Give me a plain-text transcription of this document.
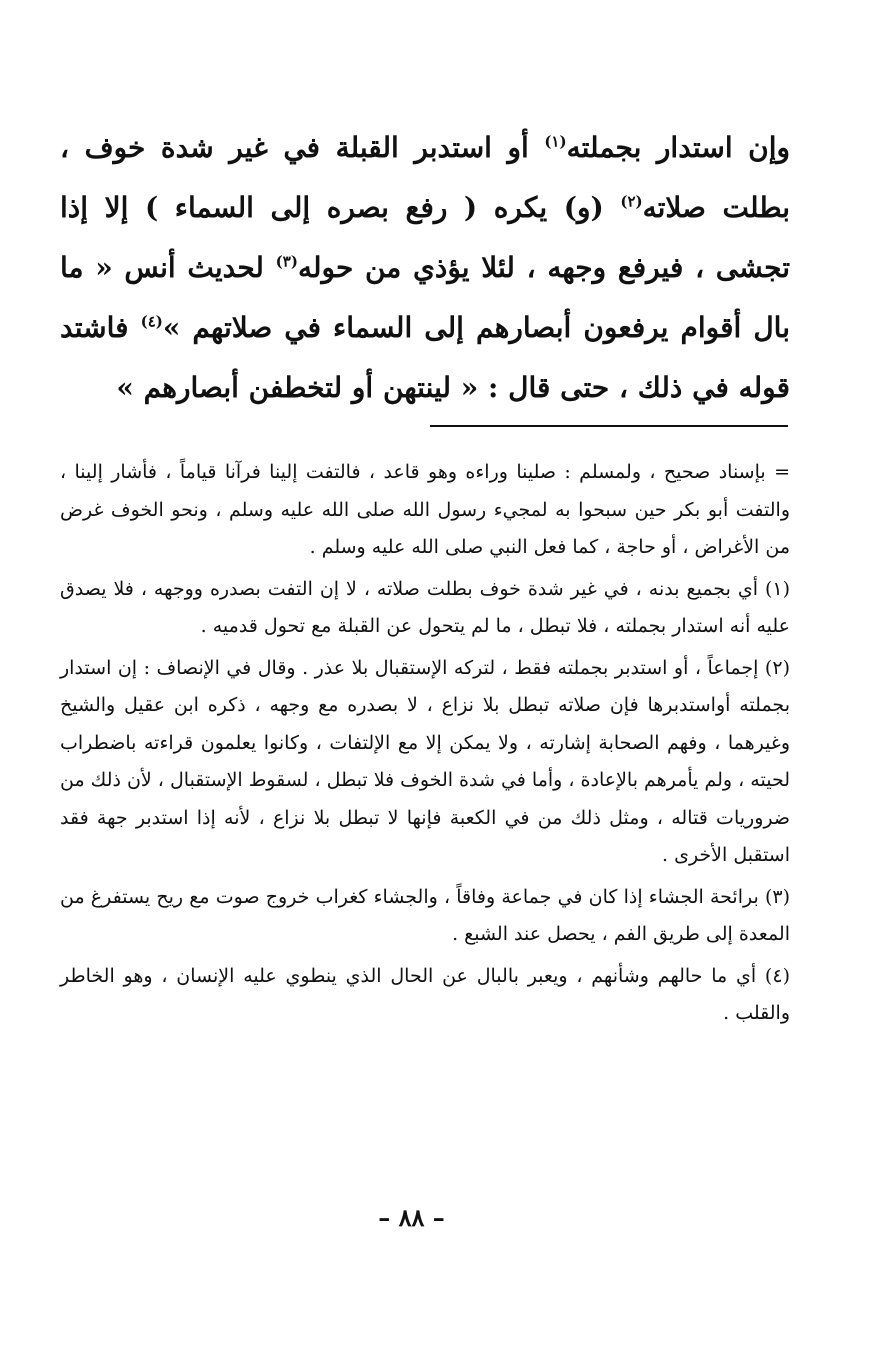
وإن استدار بجملته$^{(١)}$ أو استدبر القبلة في غير شدة خوف ، بطلت صلاته$^{(٢)}$ (و) يكره ( رفع بصره إلى السماء ) إلا إذا تجشى ، فيرفع وجهه ، لئلا يؤذي من حوله$^{(٣)}$ لحديث أنس « ما بال أقوام يرفعون أبصارهم إلى السماء في صلاتهم »$^{(٤)}$ فاشتد قوله في ذلك ، حتى قال : « لينتهن أو لتخطفن أبصارهم »

= بإسناد صحيح ، ولمسلم : صلينا وراءه وهو قاعد ، فالتفت إلينا فرآنا قياماً ، فأشار إلينا ، والتفت أبو بكر حين سبحوا به لمجيء رسول الله صلى الله عليه وسلم ، ونحو الخوف غرض من الأغراض ، أو حاجة ، كما فعل النبي صلى الله عليه وسلم .

(١) أي بجميع بدنه ، في غير شدة خوف بطلت صلاته ، لا إن التفت بصدره ووجهه ، فلا يصدق عليه أنه استدار بجملته ، فلا تبطل ، ما لم يتحول عن القبلة مع تحول قدميه .

(٢) إجماعاً ، أو استدبر بجملته فقط ، لتركه الإستقبال بلا عذر . وقال في الإنصاف : إن استدار بجملته أواستدبرها فإن صلاته تبطل بلا نزاع ، لا بصدره مع وجهه ، ذكره ابن عقيل والشيخ وغيرهما ، وفهم الصحابة إشارته ، ولا يمكن إلا مع الإلتفات ، وكانوا يعلمون قراءته باضطراب لحيته ، ولم يأمرهم بالإعادة ، وأما في شدة الخوف فلا تبطل ، لسقوط الإستقبال ، لأن ذلك من ضروريات قتاله ، ومثل ذلك من في الكعبة فإنها لا تبطل بلا نزاع ، لأنه إذا استدبر جهة فقد استقبل الأخرى .

(٣) برائحة الجشاء إذا كان في جماعة وفاقاً ، والجشاء كغراب خروج صوت مع ريح يستفرغ من المعدة إلى طريق الفم ، يحصل عند الشبع .

(٤) أي ما حالهم وشأنهم ، ويعبر بالبال عن الحال الذي ينطوي عليه الإنسان ، وهو الخاطر والقلب .

– ٨٨ –
